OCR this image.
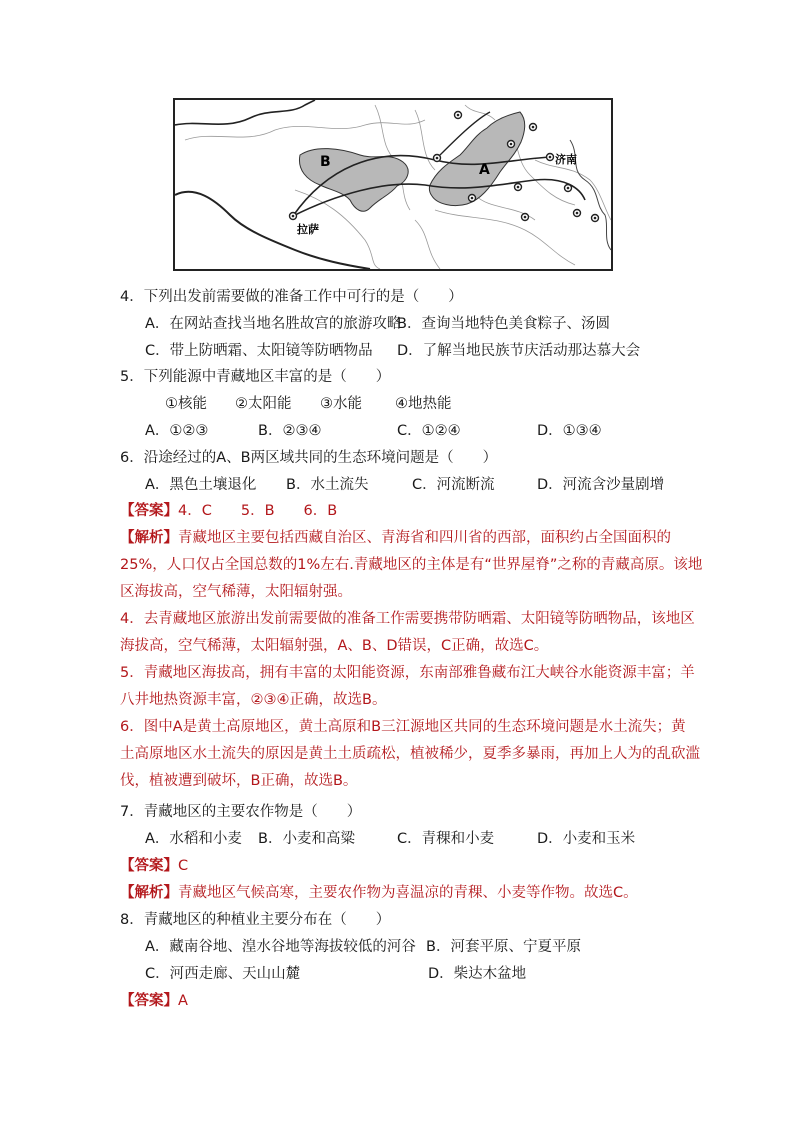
B	A
拉萨
济南
4．下列出发前需要做的准备工作中可行的是（　　）
A．在网站查找当地名胜故宫的旅游攻略
B．查询当地特色美食粽子、汤圆
C．带上防晒霜、太阳镜等防晒物品 D．了解当地民族节庆活动那达慕大会
5．下列能源中青藏地区丰富的是（　　）
①核能 ②太阳能 ③水能 ④地热能
A．①②③	B．②③④	C．①②④	D．①③④
6．沿途经过的A、B两区域共同的生态环境问题是（　　）
A．黑色土壤退化 B．水土流失	C．河流断流	D．河流含沙量剧增
【答案】4．C　　5．B　　6．B
【解析】青藏地区主要包括西藏自治区、青海省和四川省的西部，面积约占全国面积的
25%，人口仅占全国总数的1%左右.青藏地区的主体是有“世界屋脊”之称的青藏高原。该地
区海拔高，空气稀薄，太阳辐射强。
4．去青藏地区旅游出发前需要做的准备工作需要携带防晒霜、太阳镜等防晒物品，该地区
海拔高，空气稀薄，太阳辐射强，A、B、D错误，C正确，故选C。
5．青藏地区海拔高，拥有丰富的太阳能资源，东南部雅鲁藏布江大峡谷水能资源丰富；羊
八井地热资源丰富，②③④正确，故选B。
6．图中A是黄土高原地区，黄土高原和B三江源地区共同的生态环境问题是水土流失；黄
土高原地区水土流失的原因是黄土土质疏松，植被稀少，夏季多暴雨，再加上人为的乱砍滥
伐，植被遭到破坏，B正确，故选B。
7．青藏地区的主要农作物是（　　）
A．水稻和小麦 B．小麦和高粱	C．青稞和小麦	D．小麦和玉米
【答案】C
【解析】青藏地区气候高寒，主要农作物为喜温凉的青稞、小麦等作物。故选C。
8．青藏地区的种植业主要分布在（　　）
A．藏南谷地、湟水谷地等海拔较低的河谷 B．河套平原、宁夏平原
C．河西走廊、天山山麓	D．柴达木盆地
【答案】A
